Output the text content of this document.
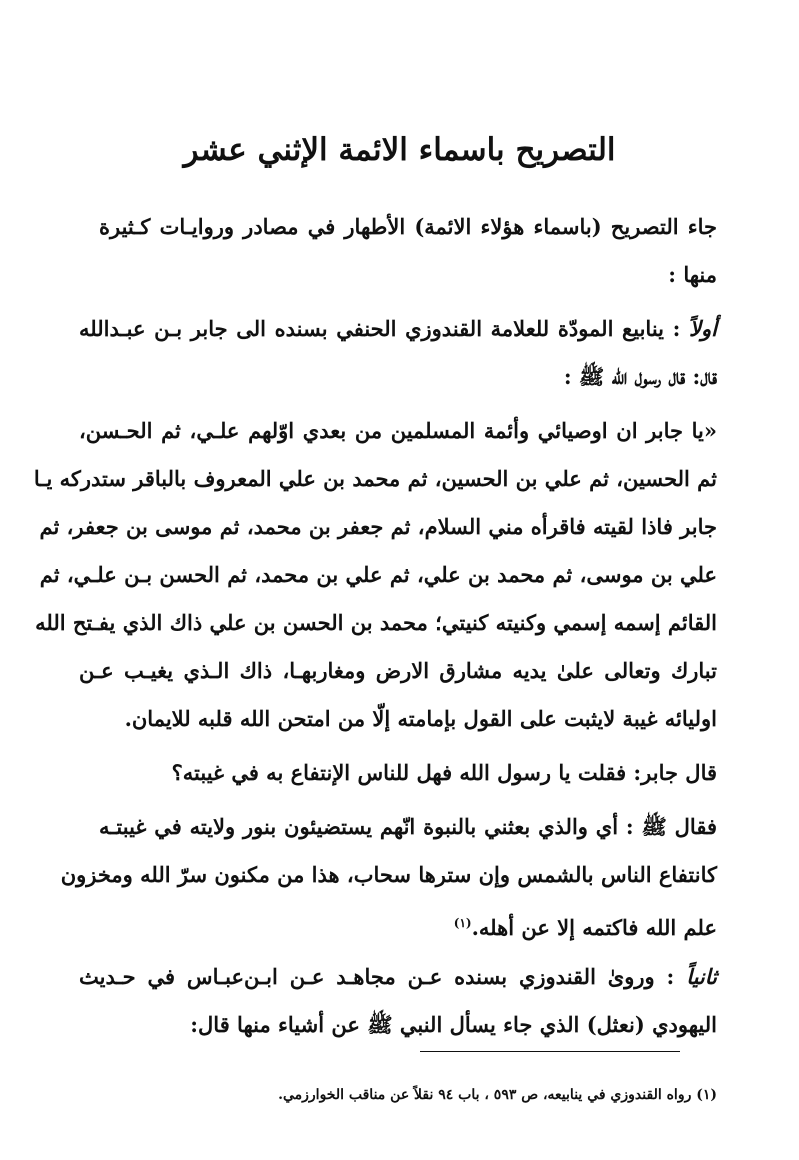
التصريح باسماء الائمة الإثني عشر
جاء التصريح (باسماء هؤلاء الائمة) الأطهار في مصادر وروايـات كـثيرة
منها :
أولاً : ينابيع المودّة للعلامة القندوزي الحنفي بسنده الى جابر بـن عبـدالله
قال: قال رسول الله ﷺ :
«يا جابر ان اوصيائي وأئمة المسلمين من بعدي اوّلهم علـي، ثم الحـسن،
ثم الحسين، ثم علي بن الحسين، ثم محمد بن علي المعروف بالباقر ستدركه يـا
جابر فاذا لقيته فاقرأه مني السلام، ثم جعفر بن محمد، ثم موسى بن جعفر، ثم
علي بن موسى، ثم محمد بن علي، ثم علي بن محمد، ثم الحسن بـن علـي، ثم
القائم إسمه إسمي وكنيته كنيتي؛ محمد بن الحسن بن علي ذاك الذي يفـتح الله
تبارك وتعالى علىٰ يديه مشارق الارض ومغاربهـا، ذاك الـذي يغيـب عـن
اوليائه غيبة لايثبت على القول بإمامته إلّا من امتحن الله قلبه للايمان.
قال جابر: فقلت يا رسول الله فهل للناس الإنتفاع به في غيبته؟
فقال ﷺ : أي والذي بعثني بالنبوة انّهم يستضيئون بنور ولايته في غيبتـه
كانتفاع الناس بالشمس وإن سترها سحاب، هذا من مكنون سرّ الله ومخزون
علم الله فاكتمه إلا عن أهله.$^{(١)}$
ثانياً : ورویٰ القندوزي بسنده عـن مجاهـد عـن ابـن‌عبـاس في حـديث
اليهودي (نعثل) الذي جاء يسأل النبي ﷺ عن أشياء منها قال:
(١) رواه القندوزي في ينابيعه، ص ٥٩٣ ، باب ٩٤ نقلاً عن مناقب الخوارزمي.
